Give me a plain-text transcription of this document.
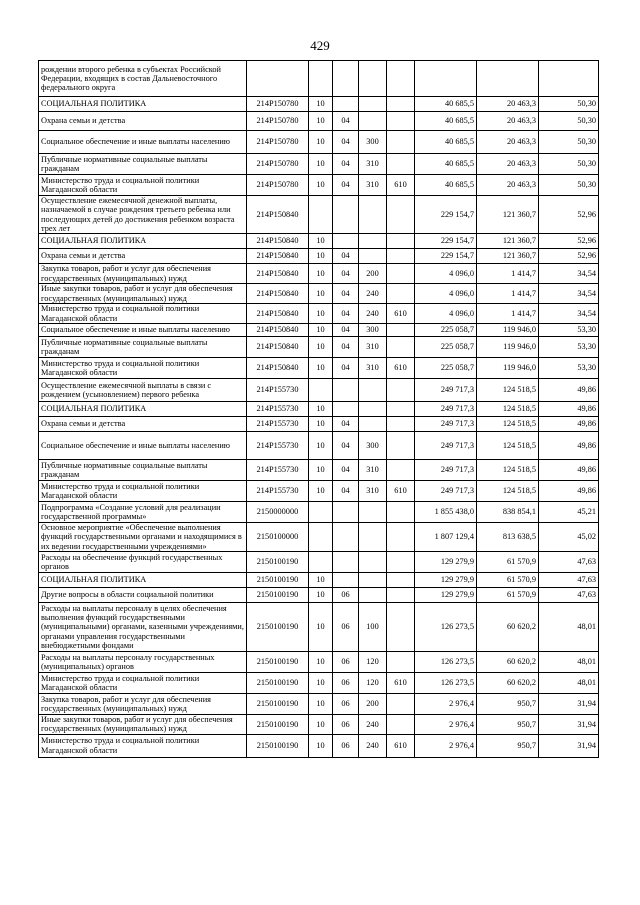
429
рождении второго ребенка в субъектах Российской Федерации, входящих в состав Дальневосточного федерального округа								
СОЦИАЛЬНАЯ ПОЛИТИКА	214P150780	10				40 685,5	20 463,3	50,30
Охрана семьи и детства	214P150780	10	04			40 685,5	20 463,3	50,30
Социальное обеспечение и иные выплаты населению	214P150780	10	04	300		40 685,5	20 463,3	50,30
Публичные нормативные социальные выплаты гражданам	214P150780	10	04	310		40 685,5	20 463,3	50,30
Министерство труда и социальной политики Магаданской области	214P150780	10	04	310	610	40 685,5	20 463,3	50,30
Осуществление ежемесячной денежной выплаты, назначаемой в случае рождения третьего ребенка или последующих детей до достижения ребенком возраста трех лет	214P150840					229 154,7	121 360,7	52,96
СОЦИАЛЬНАЯ ПОЛИТИКА	214P150840	10				229 154,7	121 360,7	52,96
Охрана семьи и детства	214P150840	10	04			229 154,7	121 360,7	52,96
Закупка товаров, работ и услуг для обеспечения государственных (муниципальных) нужд	214P150840	10	04	200		4 096,0	1 414,7	34,54
Иные закупки товаров, работ и услуг для обеспечения государственных (муниципальных) нужд	214P150840	10	04	240		4 096,0	1 414,7	34,54
Министерство труда и социальной политики Магаданской области	214P150840	10	04	240	610	4 096,0	1 414,7	34,54
Социальное обеспечение и иные выплаты населению	214P150840	10	04	300		225 058,7	119 946,0	53,30
Публичные нормативные социальные выплаты гражданам	214P150840	10	04	310		225 058,7	119 946,0	53,30
Министерство труда и социальной политики Магаданской области	214P150840	10	04	310	610	225 058,7	119 946,0	53,30
Осуществление ежемесячной выплаты в связи с рождением (усыновлением) первого ребенка	214P155730					249 717,3	124 518,5	49,86
СОЦИАЛЬНАЯ ПОЛИТИКА	214P155730	10				249 717,3	124 518,5	49,86
Охрана семьи и детства	214P155730	10	04			249 717,3	124 518,5	49,86
Социальное обеспечение и иные выплаты населению	214P155730	10	04	300		249 717,3	124 518,5	49,86
Публичные нормативные социальные выплаты гражданам	214P155730	10	04	310		249 717,3	124 518,5	49,86
Министерство труда и социальной политики Магаданской области	214P155730	10	04	310	610	249 717,3	124 518,5	49,86
Подпрограмма «Создание условий для реализации государственной программы»	2150000000					1 855 438,0	838 854,1	45,21
Основное мероприятие «Обеспечение выполнения функций государственными органами и находящимися в их ведении государственными учреждениями»	2150100000					1 807 129,4	813 638,5	45,02
Расходы на обеспечение функций государственных органов	2150100190					129 279,9	61 570,9	47,63
СОЦИАЛЬНАЯ ПОЛИТИКА	2150100190	10				129 279,9	61 570,9	47,63
Другие вопросы в области социальной политики	2150100190	10	06			129 279,9	61 570,9	47,63
Расходы на выплаты персоналу в целях обеспечения выполнения функций государственными (муниципальными) органами, казенными учреждениями, органами управления государственными внебюджетными фондами	2150100190	10	06	100		126 273,5	60 620,2	48,01
Расходы на выплаты персоналу государственных (муниципальных) органов	2150100190	10	06	120		126 273,5	60 620,2	48,01
Министерство труда и социальной политики Магаданской области	2150100190	10	06	120	610	126 273,5	60 620,2	48,01
Закупка товаров, работ и услуг для обеспечения государственных (муниципальных) нужд	2150100190	10	06	200		2 976,4	950,7	31,94
Иные закупки товаров, работ и услуг для обеспечения государственных (муниципальных) нужд	2150100190	10	06	240		2 976,4	950,7	31,94
Министерство труда и социальной политики Магаданской области	2150100190	10	06	240	610	2 976,4	950,7	31,94
